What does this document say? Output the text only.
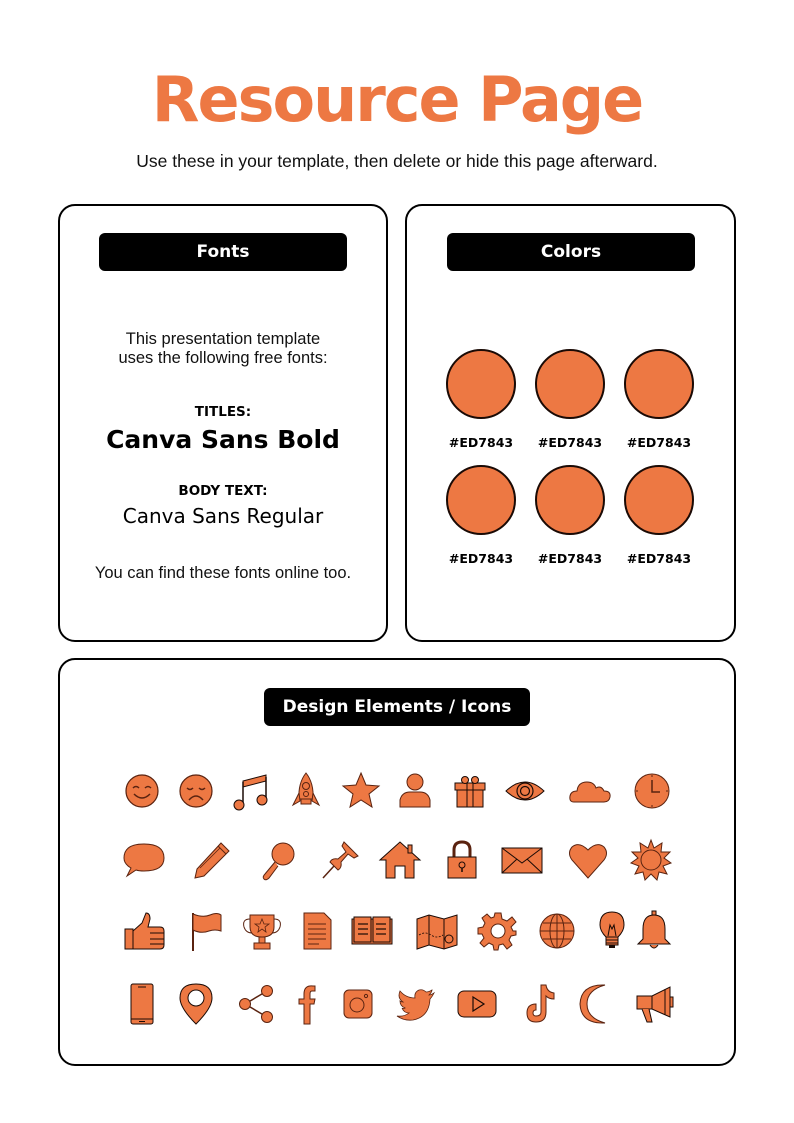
Resource Page
Use these in your template, then delete or hide this page afterward.
Fonts
This presentation template
uses the following free fonts:
TITLES:
Canva Sans Bold
BODY TEXT:
Canva Sans Regular
You can find these fonts online too.
Colors
#ED7843	#ED7843	#ED7843
#ED7843	#ED7843	#ED7843
Design Elements / Icons
